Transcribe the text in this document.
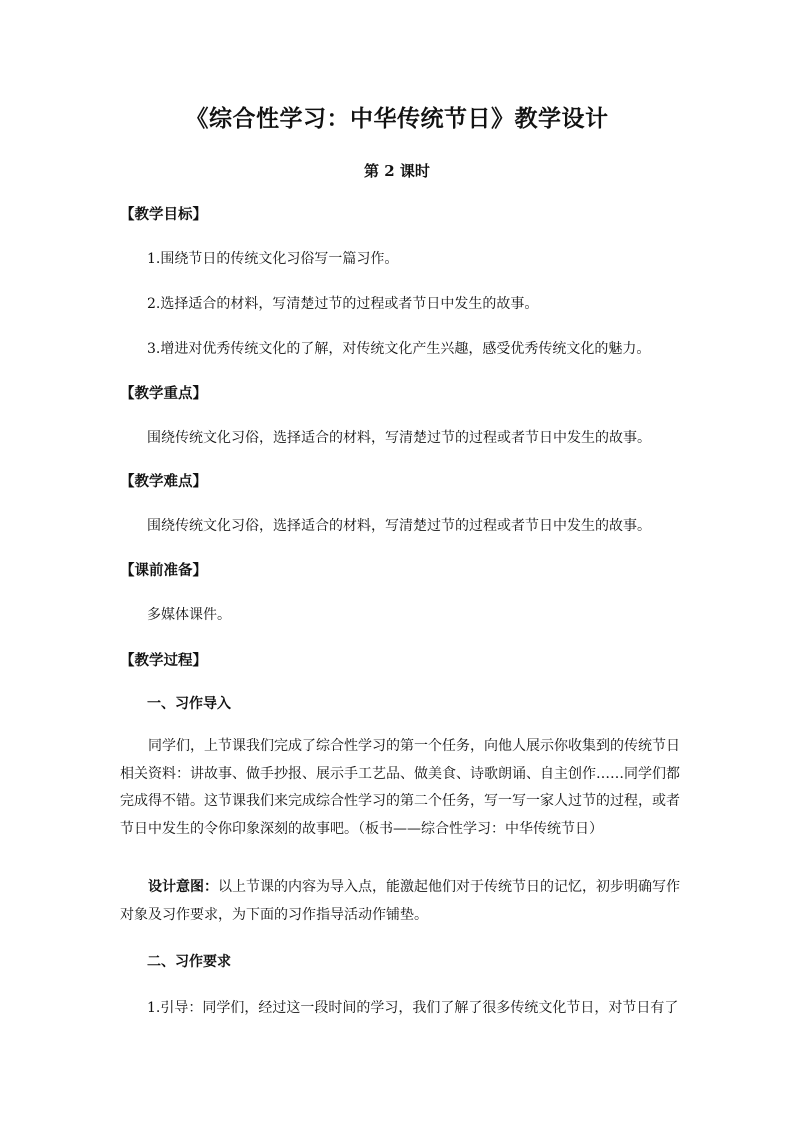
《综合性学习：中华传统节日》教学设计
第 2 课时
【教学目标】
1.围绕节日的传统文化习俗写一篇习作。
2.选择适合的材料，写清楚过节的过程或者节日中发生的故事。
3.增进对优秀传统文化的了解，对传统文化产生兴趣，感受优秀传统文化的魅力。
【教学重点】
围绕传统文化习俗，选择适合的材料，写清楚过节的过程或者节日中发生的故事。
【教学难点】
围绕传统文化习俗，选择适合的材料，写清楚过节的过程或者节日中发生的故事。
【课前准备】
多媒体课件。
【教学过程】
一、习作导入
同学们，上节课我们完成了综合性学习的第一个任务，向他人展示你收集到的传统节日相关资料：讲故事、做手抄报、展示手工艺品、做美食、诗歌朗诵、自主创作……同学们都完成得不错。这节课我们来完成综合性学习的第二个任务，写一写一家人过节的过程，或者节日中发生的令你印象深刻的故事吧。（板书——综合性学习：中华传统节日）
设计意图：以上节课的内容为导入点，能激起他们对于传统节日的记忆，初步明确写作对象及习作要求，为下面的习作指导活动作铺垫。
二、习作要求
1.引导：同学们，经过这一段时间的学习，我们了解了很多传统文化节日，对节日有了
